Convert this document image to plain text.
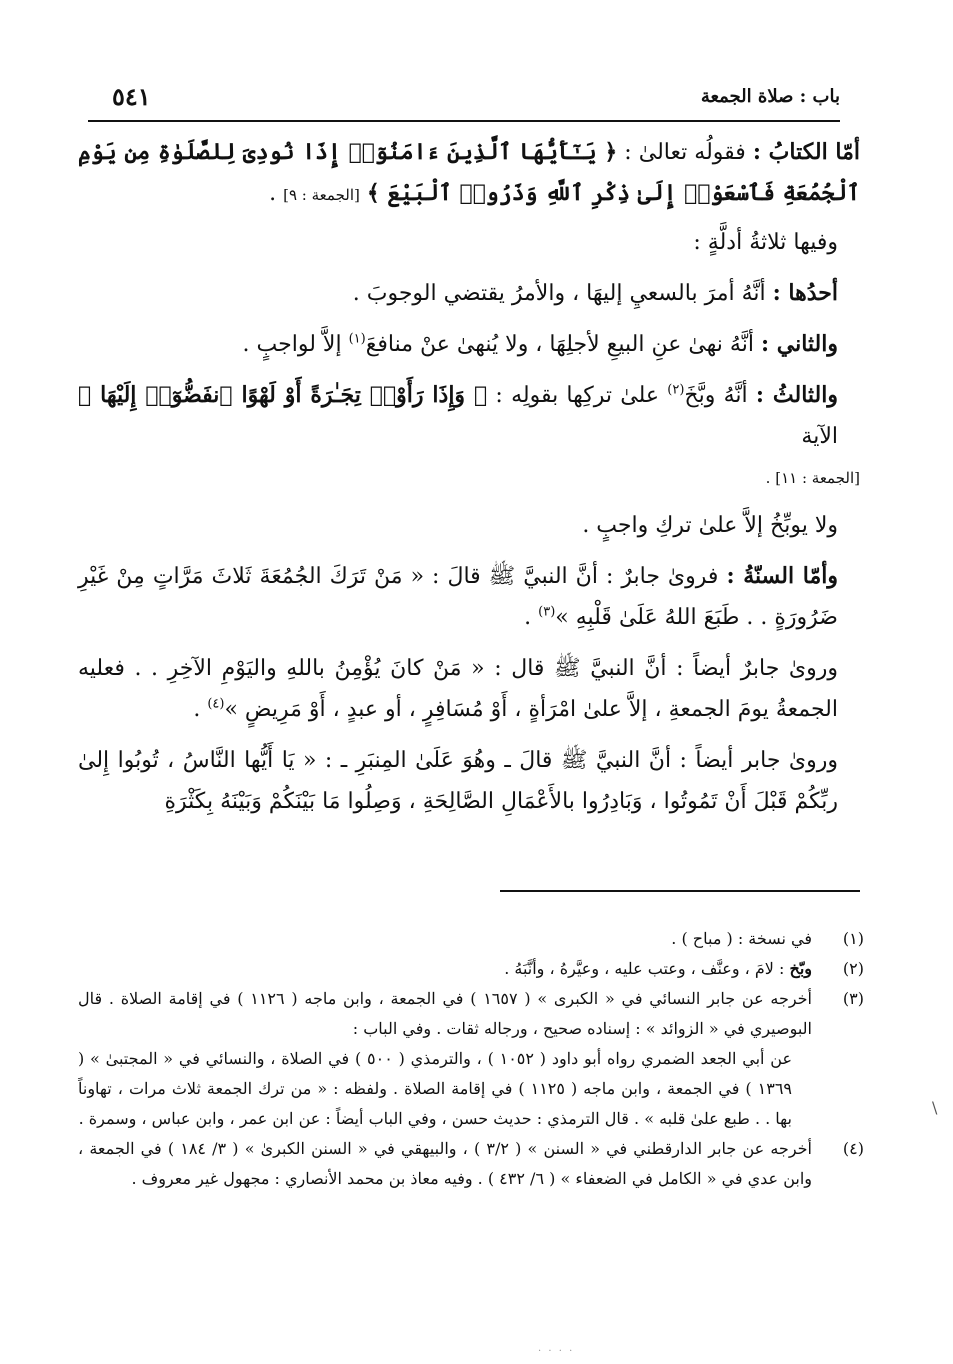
باب : صلاة الجمعة
٥٤١

أمّا الكتابُ : فقولُه تعالىٰ : ﴿ يَـٰٓأَيُّهَا ٱلَّذِينَ ءَامَنُوٓا۟ إِذَا نُودِىَ لِلصَّلَوٰةِ مِن يَوْمِ ٱلْجُمُعَةِ فَٱسْعَوْا۟ إِلَىٰ ذِكْرِ ٱللَّهِ وَذَرُوا۟ ٱلْبَيْعَ ﴾ [الجمعة : ٩] .

وفيها ثلاثةُ أدلَّةٍ :

أحدُها : أنَّهُ أمرَ بالسعيِ إليهَا ، والأمرُ يقتضي الوجوبَ .

والثاني : أنَّهُ نهىٰ عنِ البيعِ لأجلِهَا ، ولا يُنهىٰ عنْ منافعَ$^{(١)}$ إلاَّ لواجبٍ .

والثالثُ : أنَّهُ وبَّخَ$^{(٢)}$ علىٰ تركِها بقولِه : ﴿ وَإِذَا رَأَوْا۟ تِجَـٰرَةً أَوْ لَهْوًا ٱنفَضُّوٓا۟ إِلَيْهَا ﴾ الآية

[الجمعة : ١١] .

ولا يوبِّخُ إلاَّ علىٰ تركِ واجبٍ .

وأمّا السنّةُ : فروىٰ جابرٌ : أنَّ النبيَّ ﷺ قالَ : « مَنْ تَرَكَ الجُمُعَةَ ثَلاثَ مَرَّاتٍ مِنْ غَيْرِ ضَرُورَةٍ . . طَبَعَ اللهُ عَلَىٰ قَلْبِهِ »$^{(٣)}$ .

وروىٰ جابرٌ أيضاً : أنَّ النبيَّ ﷺ قال : « مَنْ كانَ يُؤْمِنُ باللهِ واليَوْمِ الآخِرِ . . فعليه الجمعةُ يومَ الجمعةِ ، إلاَّ علىٰ امْرَأةٍ ، أَوْ مُسَافِرٍ ، أو عبدٍ ، أَوْ مَرِيضٍ »$^{(٤)}$ .

وروىٰ جابر أيضاً : أنَّ النبيَّ ﷺ قالَ ـ وهُوَ عَلَىٰ المِنبَرِ ـ : « يَا أَيُّها النَّاسُ ، تُوبُوا إِلىٰ ربِّكُمْ قَبْلَ أَنْ تَمُوتُوا ، وَبَادِرُوا بالأَعْمَالِ الصَّالِحَةِ ، وَصِلُوا مَا بَيْنَكُمْ وَبَيْنَهُ بِكَثْرَةِ

(١)
في نسخة : ( مباح ) .
(٢)
وبّخ : لامَ ، وعنَّف ، وعتب عليه ، وعيَّرهُ ، وأنَّبَهُ .
(٣)
أخرجه عن جابر النسائي في « الكبرى » ( ١٦٥٧ ) في الجمعة ، وابن ماجه ( ١١٢٦ ) في إقامة الصلاة . قال البوصيري في « الزوائد » : إسناده صحيح ، ورجاله ثقات . وفي الباب :
عن أبي الجعد الضمري رواه أبو داود ( ١٠٥٢ ) ، والترمذي ( ٥٠٠ ) في الصلاة ، والنسائي في « المجتبىٰ » ( ١٣٦٩ ) في الجمعة ، وابن ماجه ( ١١٢٥ ) في إقامة الصلاة . ولفظه : « من ترك الجمعة ثلاث مرات ، تهاوناً بها . . طبع علىٰ قلبه » . قال الترمذي : حديث حسن ، وفي الباب أيضاً : عن ابن عمر ، وابن عباس ، وسمرة .
(٤)
أخرجه عن جابر الدارقطني في « السنن » ( ٣/٢ ) ، والبيهقي في « السنن الكبرىٰ » ( ٣/ ١٨٤ ) في الجمعة ، وابن عدي في « الكامل في الضعفاء » ( ٦/ ٤٣٢ ) . وفيه معاذ بن محمد الأنصاري : مجهول غير معروف .
\
· · · ·
